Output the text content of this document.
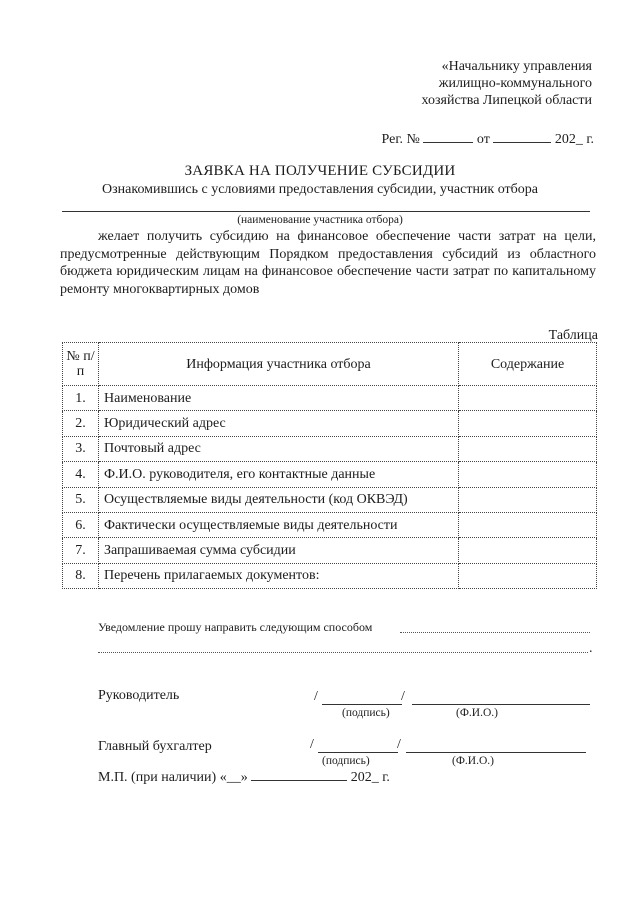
«Начальнику управления
жилищно-коммунального
хозяйства Липецкой области
Рег. №	от	202_ г.
ЗАЯВКА НА ПОЛУЧЕНИЕ СУБСИДИИ
Ознакомившись с условиями предоставления субсидии, участник отбора
(наименование участника отбора)
желает получить субсидию на финансовое обеспечение части затрат на цели, предусмотренные действующим Порядком предоставления субсидий из областного бюджета юридическим лицам на финансовое обеспечение части затрат по капитальному ремонту многоквартирных домов
Таблица
№ п/п	Информация участника отбора	Содержание
1.	Наименование	
2.	Юридический адрес	
3.	Почтовый адрес	
4.	Ф.И.О. руководителя, его контактные данные	
5.	Осуществляемые виды деятельности (код ОКВЭД)	
6.	Фактически осуществляемые виды деятельности	
7.	Запрашиваемая сумма субсидии	
8.	Перечень прилагаемых документов:	
Уведомление прошу направить следующим способом
.
Руководитель	/	/
(подпись)	(Ф.И.О.)
Главный бухгалтер	/	/
(подпись)	(Ф.И.О.)
М.П. (при наличии) «__»	202_ г.
